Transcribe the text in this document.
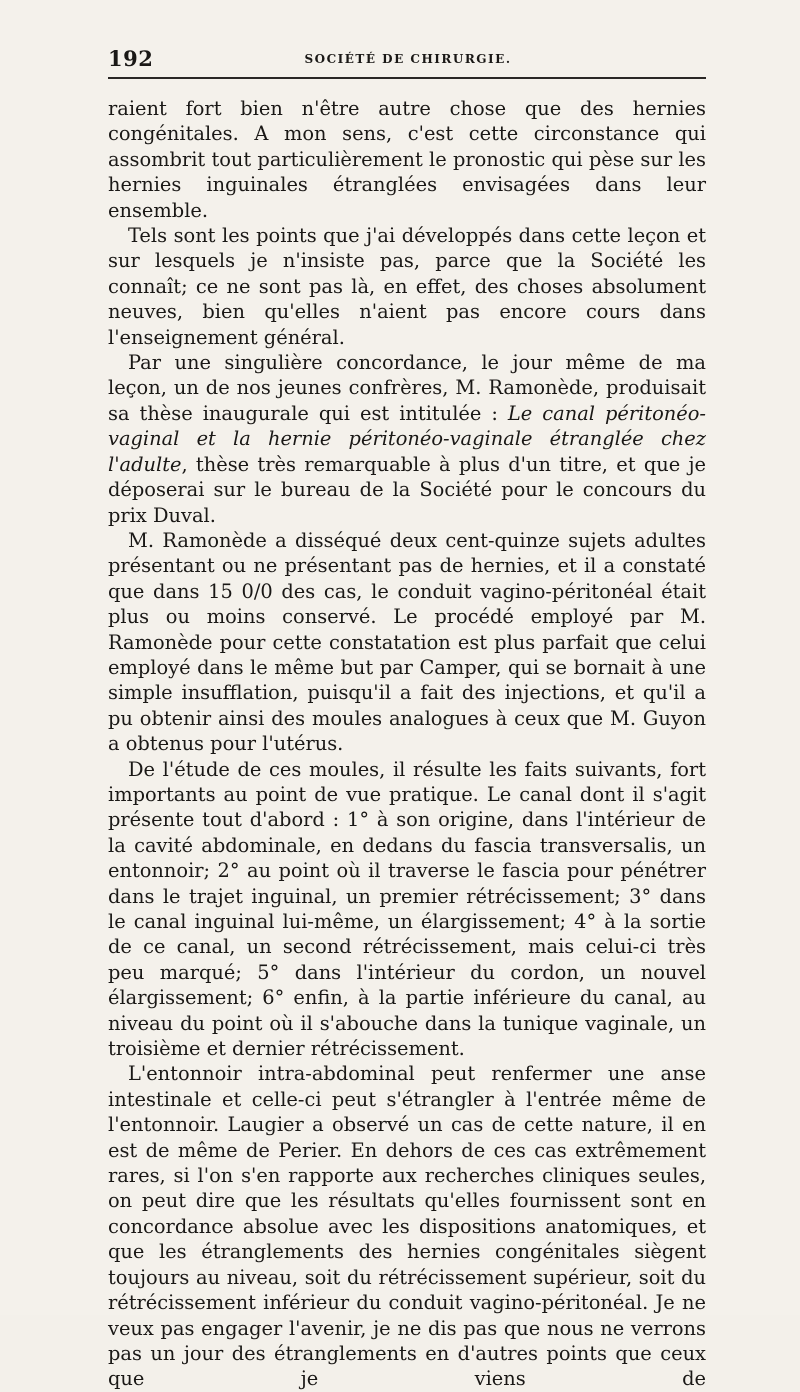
192	SOCIÉTÉ DE CHIRURGIE.

raient fort bien n'être autre chose que des hernies congénitales. A mon sens, c'est cette circonstance qui assombrit tout particulièrement le pronostic qui pèse sur les hernies inguinales étranglées envisagées dans leur ensemble.

Tels sont les points que j'ai développés dans cette leçon et sur lesquels je n'insiste pas, parce que la Société les connaît; ce ne sont pas là, en effet, des choses absolument neuves, bien qu'elles n'aient pas encore cours dans l'enseignement général.

Par une singulière concordance, le jour même de ma leçon, un de nos jeunes confrères, M. Ramonède, produisait sa thèse inaugurale qui est intitulée : Le canal péritonéo-vaginal et la hernie péritonéo-vaginale étranglée chez l'adulte, thèse très remarquable à plus d'un titre, et que je déposerai sur le bureau de la Société pour le concours du prix Duval.

M. Ramonède a disséqué deux cent-quinze sujets adultes présentant ou ne présentant pas de hernies, et il a constaté que dans 15 0/0 des cas, le conduit vagino-péritonéal était plus ou moins conservé. Le procédé employé par M. Ramonède pour cette constatation est plus parfait que celui employé dans le même but par Camper, qui se bornait à une simple insufflation, puisqu'il a fait des injections, et qu'il a pu obtenir ainsi des moules analogues à ceux que M. Guyon a obtenus pour l'utérus.

De l'étude de ces moules, il résulte les faits suivants, fort importants au point de vue pratique. Le canal dont il s'agit présente tout d'abord : 1° à son origine, dans l'intérieur de la cavité abdominale, en dedans du fascia transversalis, un entonnoir; 2° au point où il traverse le fascia pour pénétrer dans le trajet inguinal, un premier rétrécissement; 3° dans le canal inguinal lui-même, un élargissement; 4° à la sortie de ce canal, un second rétrécissement, mais celui-ci très peu marqué; 5° dans l'intérieur du cordon, un nouvel élargissement; 6° enfin, à la partie inférieure du canal, au niveau du point où il s'abouche dans la tunique vaginale, un troisième et dernier rétrécissement.

L'entonnoir intra-abdominal peut renfermer une anse intestinale et celle-ci peut s'étrangler à l'entrée même de l'entonnoir. Laugier a observé un cas de cette nature, il en est de même de Perier. En dehors de ces cas extrêmement rares, si l'on s'en rapporte aux recherches cliniques seules, on peut dire que les résultats qu'elles fournissent sont en concordance absolue avec les dispositions anatomiques, et que les étranglements des hernies congénitales siègent toujours au niveau, soit du rétrécissement supérieur, soit du rétrécissement inférieur du conduit vagino-péritonéal. Je ne veux pas engager l'avenir, je ne dis pas que nous ne verrons pas un jour des étranglements en d'autres points que ceux que je viens de
